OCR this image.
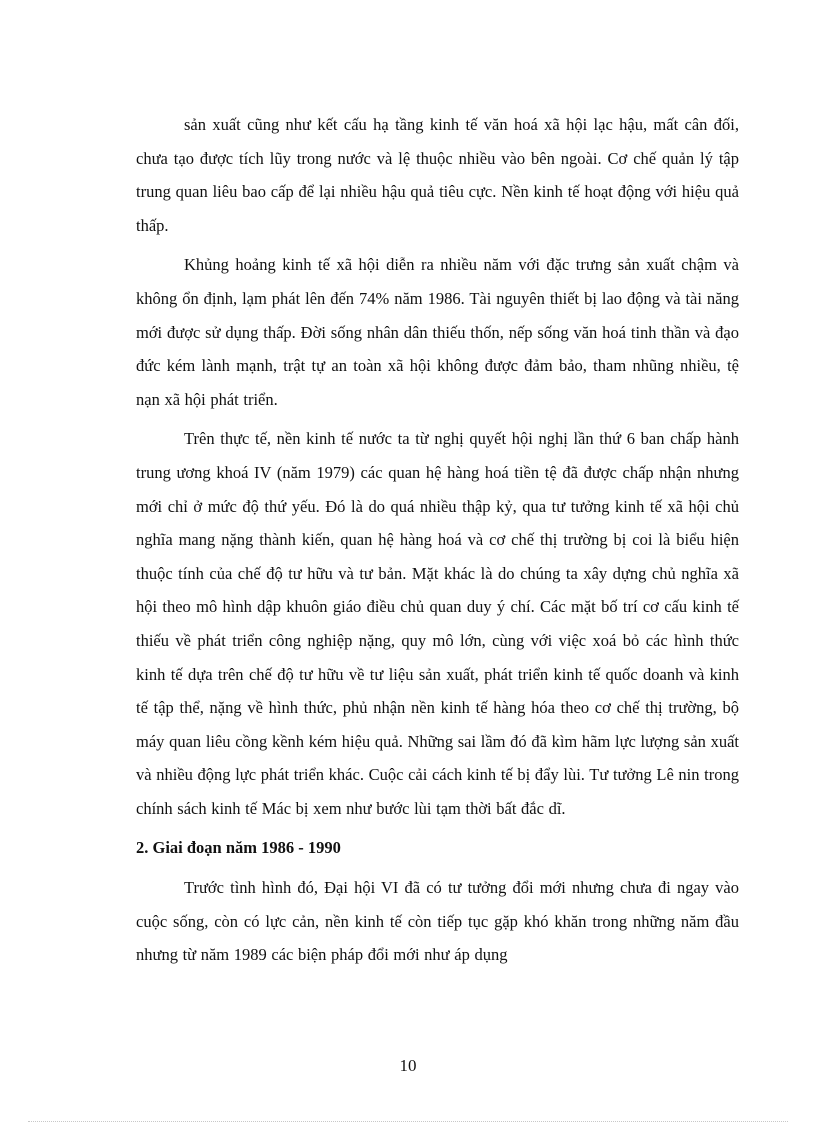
sản xuất cũng như kết cấu hạ tầng kinh tế văn hoá xã hội lạc hậu, mất cân đối, chưa tạo được tích lũy trong nước và lệ thuộc nhiều vào bên ngoài. Cơ chế quản lý tập trung quan liêu bao cấp để lại nhiều hậu quả tiêu cực. Nền kinh tế hoạt động với hiệu quả thấp.

Khủng hoảng kinh tế xã hội diễn ra nhiều năm với đặc trưng sản xuất chậm và không ổn định, lạm phát lên đến 74% năm 1986. Tài nguyên thiết bị lao động và tài năng mới được sử dụng thấp. Đời sống nhân dân thiếu thốn, nếp sống văn hoá tinh thần và đạo đức kém lành mạnh, trật tự an toàn xã hội không được đảm bảo, tham nhũng nhiều, tệ nạn xã hội phát triển.

Trên thực tế, nền kinh tế nước ta từ nghị quyết hội nghị lần thứ 6 ban chấp hành trung ương khoá IV (năm 1979) các quan hệ hàng hoá tiền tệ đã được chấp nhận nhưng mới chỉ ở mức độ thứ yếu. Đó là do quá nhiều thập kỷ, qua tư tưởng kinh tế xã hội chủ nghĩa mang nặng thành kiến, quan hệ hàng hoá và cơ chế thị trường bị coi là biểu hiện thuộc tính của chế độ tư hữu và tư bản. Mặt khác là do chúng ta xây dựng chủ nghĩa xã hội theo mô hình dập khuôn giáo điều chủ quan duy ý chí. Các mặt bố trí cơ cấu kinh tế thiếu về phát triển công nghiệp nặng, quy mô lớn, cùng với việc xoá bỏ các hình thức kinh tế dựa trên chế độ tư hữu về tư liệu sản xuất, phát triển kinh tế quốc doanh và kinh tế tập thể, nặng về hình thức, phủ nhận nền kinh tế hàng hóa theo cơ chế thị trường, bộ máy quan liêu cồng kềnh kém hiệu quả. Những sai lầm đó đã kìm hãm lực lượng sản xuất và nhiều động lực phát triển khác. Cuộc cải cách kinh tế bị đẩy lùi. Tư tưởng Lê nin trong chính sách kinh tế Mác bị xem như bước lùi tạm thời bất đắc dĩ.

2. Giai đoạn năm 1986 - 1990

Trước tình hình đó, Đại hội VI đã có tư tưởng đổi mới nhưng chưa đi ngay vào cuộc sống, còn có lực cản, nền kinh tế còn tiếp tục gặp khó khăn trong những năm đầu nhưng từ năm 1989 các biện pháp đổi mới như áp dụng

10
